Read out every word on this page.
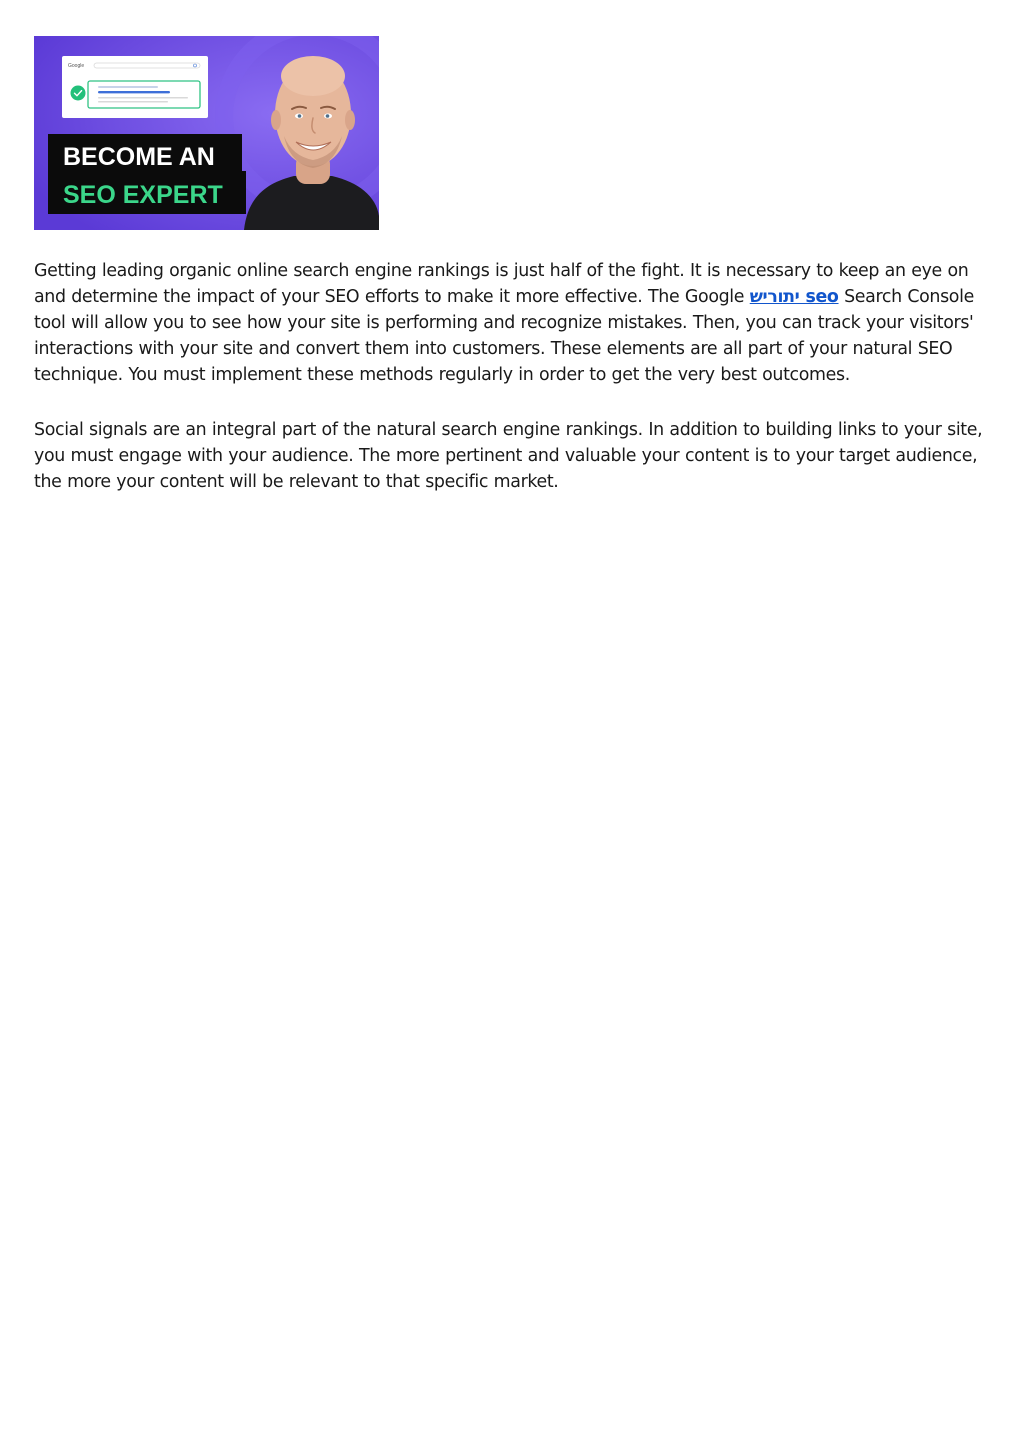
Google
BECOME AN
SEO EXPERT

Getting leading organic online search engine rankings is just half of the fight. It is necessary to keep an eye on and determine the impact of your SEO efforts to make it more effective. The Google seo יתוריש Search Console tool will allow you to see how your site is performing and recognize mistakes. Then, you can track your visitors' interactions with your site and convert them into customers. These elements are all part of your natural SEO technique. You must implement these methods regularly in order to get the very best outcomes.

Social signals are an integral part of the natural search engine rankings. In addition to building links to your site, you must engage with your audience. The more pertinent and valuable your content is to your target audience, the more your content will be relevant to that specific market.
